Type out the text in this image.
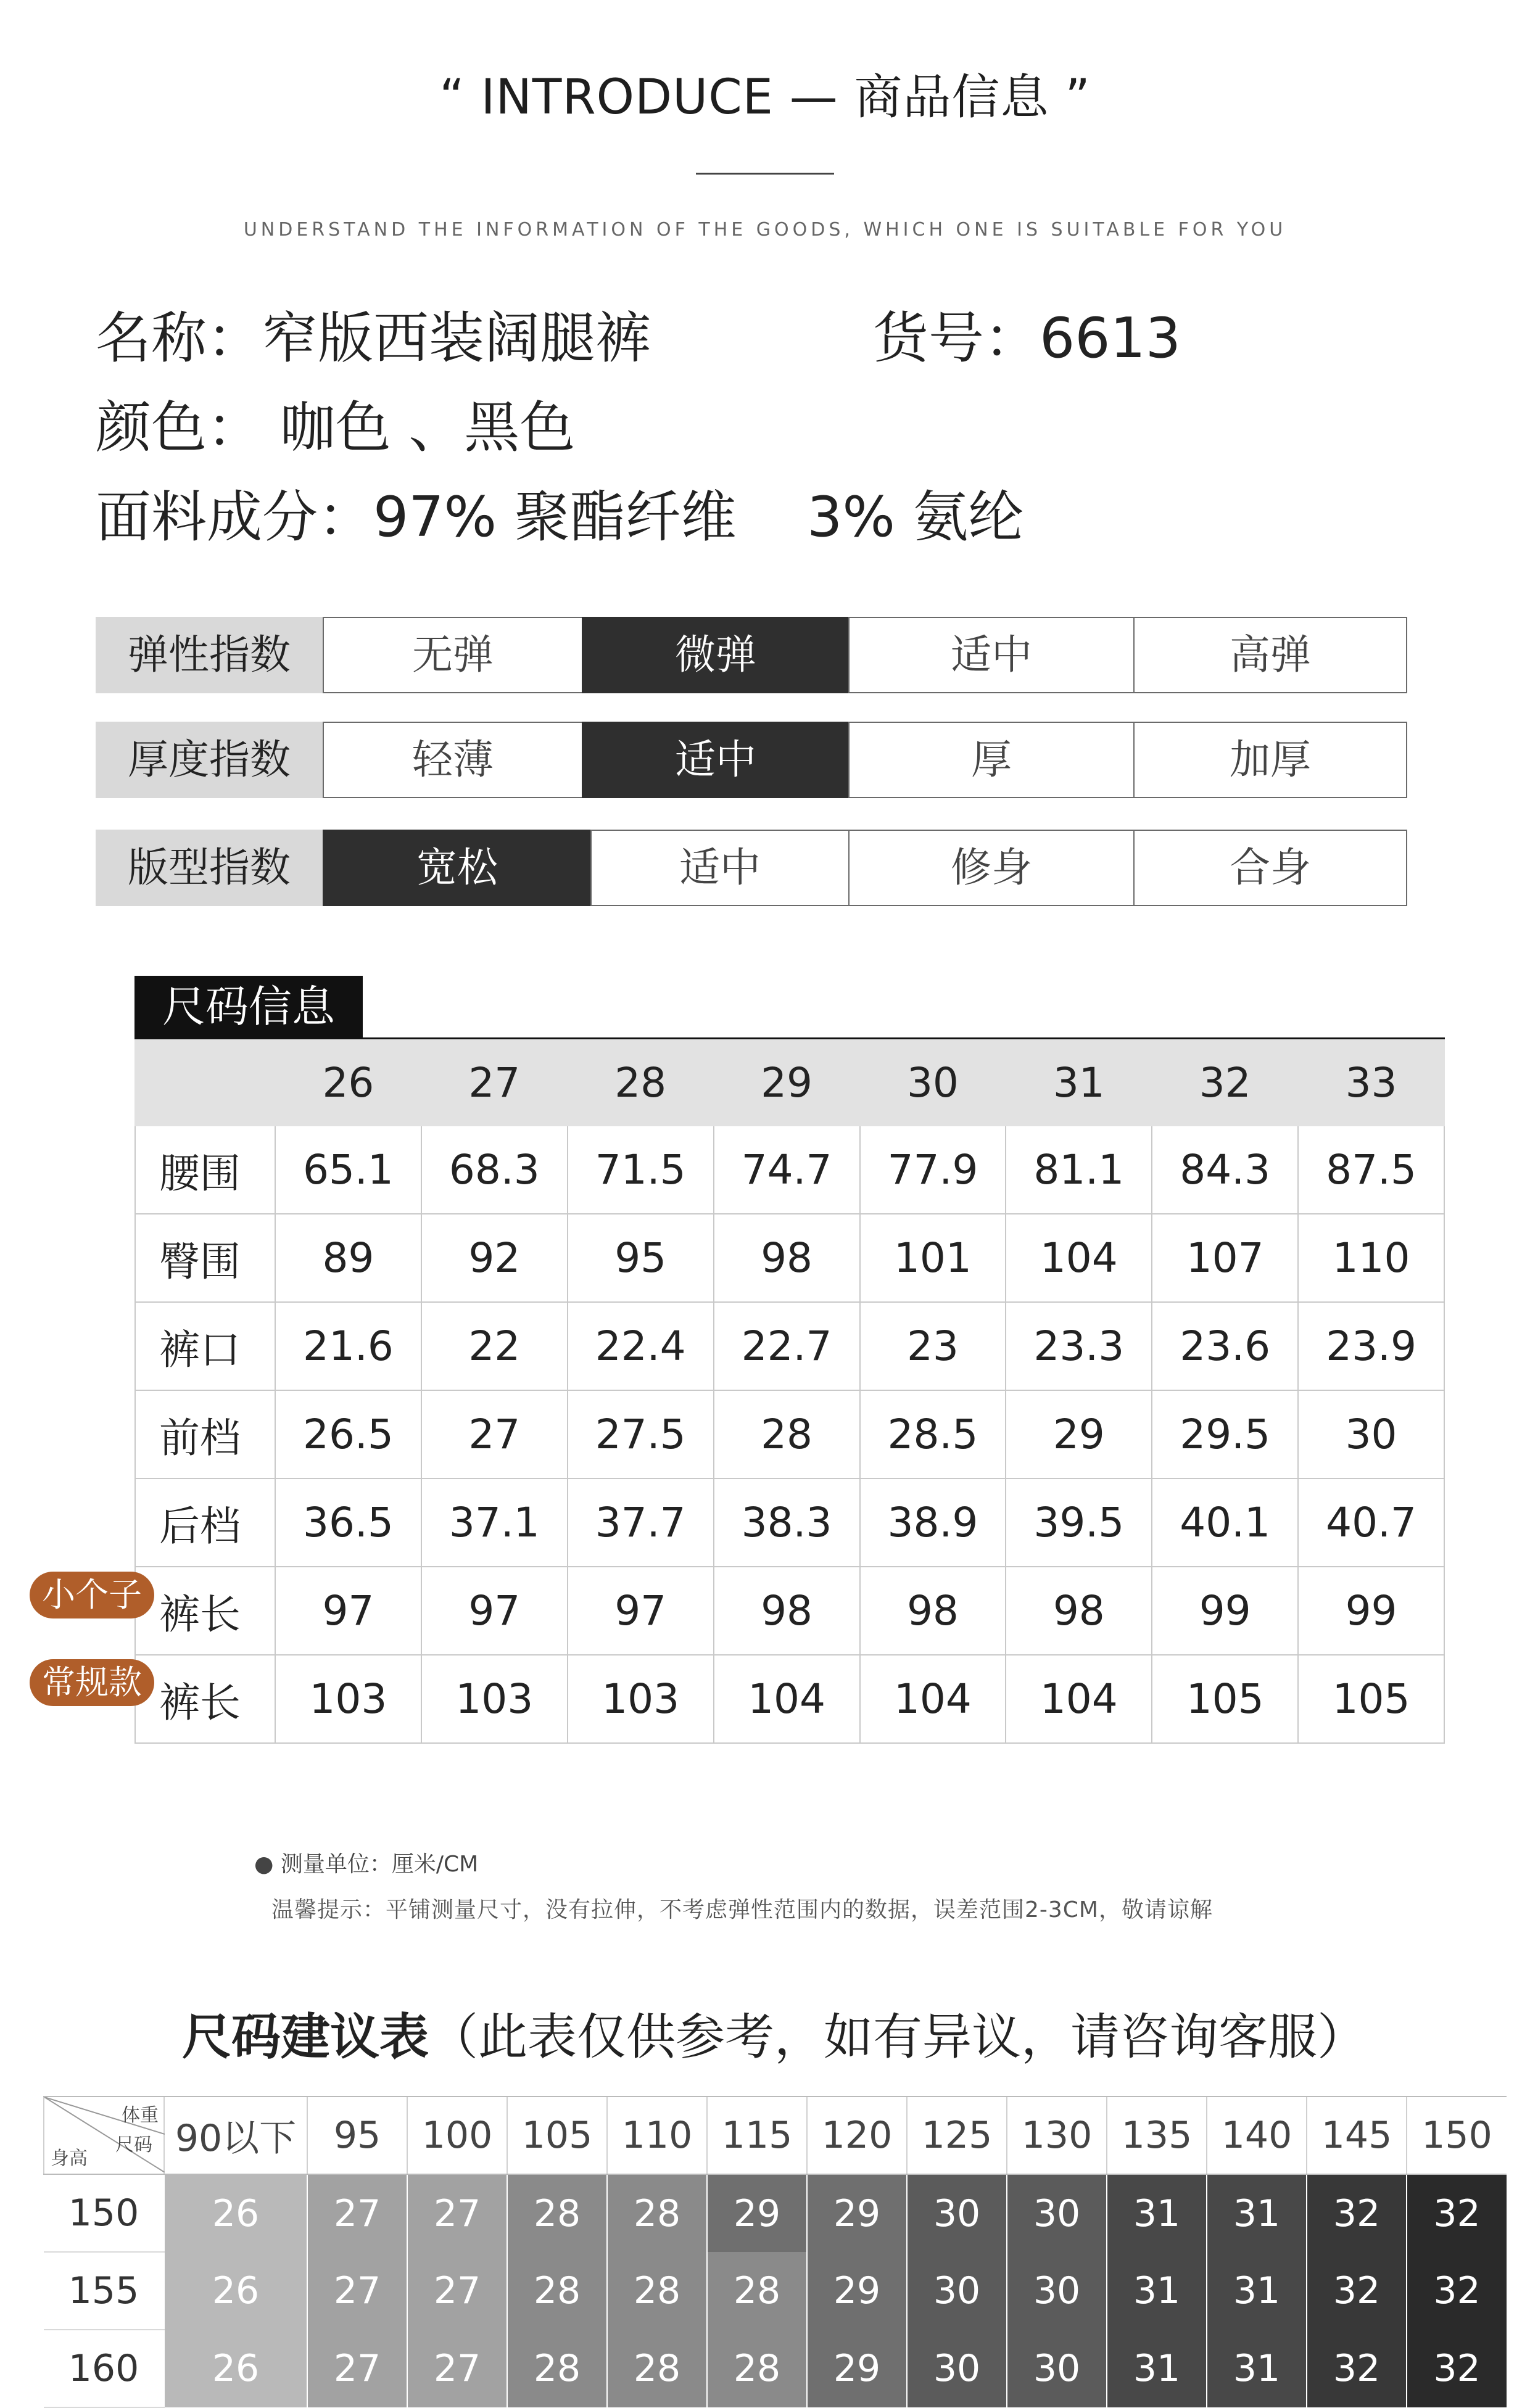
“ INTRODUCE — 商品信息 ”
UNDERSTAND THE INFORMATION OF THE GOODS, WHICH ONE IS SUITABLE FOR YOU
名称：窄版西装阔腿裤	货号：6613
颜色： 咖色 、黑色
面料成分：97% 聚酯纤维    3% 氨纶
弹性指数	无弹	微弹	适中	高弹
厚度指数	轻薄	适中	厚	加厚
版型指数	宽松	适中	修身	合身
尺码信息
	26	27	28	29	30	31	32	33
腰围	65.1	68.3	71.5	74.7	77.9	81.1	84.3	87.5
臀围	89	92	95	98	101	104	107	110
裤口	21.6	22	22.4	22.7	23	23.3	23.6	23.9
前档	26.5	27	27.5	28	28.5	29	29.5	30
后档	36.5	37.1	37.7	38.3	38.9	39.5	40.1	40.7
裤长	97	97	97	98	98	98	99	99
裤长	103	103	103	104	104	104	105	105
小个子
常规款
● 测量单位：厘米/CM
温馨提示：平铺测量尺寸，没有拉伸，不考虑弹性范围内的数据，误差范围2-3CM，敬请谅解
尺码建议表（此表仅供参考，如有异议，请咨询客服）
体重
尺码
身高	90以下	95	100	105	110	115	120	125	130	135	140	145	150
150	26	27	27	28	28	29	29	30	30	31	31	32	32
155	26	27	27	28	28	28	29	30	30	31	31	32	32
160	26	27	27	28	28	28	29	30	30	31	31	32	32
